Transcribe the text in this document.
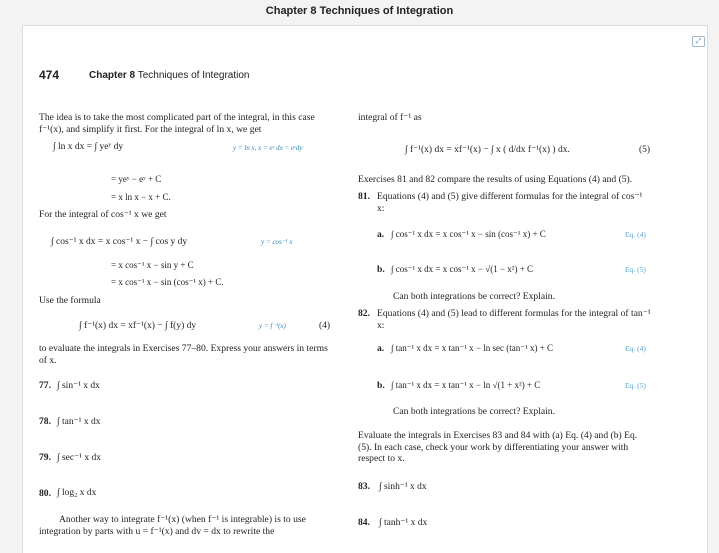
Chapter 8 Techniques of Integration
⤢
474	Chapter 8 Techniques of Integration
The idea is to take the most complicated part of the integral, in this case f⁻¹(x), and simplify it first. For the integral of ln x, we get
∫ ln x dx = ∫ yeʸ dy	y = ln x, x = eʸ dx = eʸdy
= yeʸ − eʸ + C
= x ln x − x + C.
For the integral of cos⁻¹ x we get
∫ cos⁻¹ x dx = x cos⁻¹ x − ∫ cos y dy	y = cos⁻¹ x
= x cos⁻¹ x − sin y + C
= x cos⁻¹ x − sin (cos⁻¹ x) + C.
Use the formula
∫ f⁻¹(x) dx = xf⁻¹(x) − ∫ f(y) dy	y = f⁻¹(x)	(4)
to evaluate the integrals in Exercises 77–80. Express your answers in terms of x.
77. ∫ sin⁻¹ x dx
78. ∫ tan⁻¹ x dx
79. ∫ sec⁻¹ x dx
80. ∫ log₂ x dx
Another way to integrate f⁻¹(x) (when f⁻¹ is integrable) is to use integration by parts with u = f⁻¹(x) and dv = dx to rewrite the
integral of f⁻¹ as
∫ f⁻¹(x) dx = xf⁻¹(x) − ∫ x ( d/dx f⁻¹(x) ) dx.	(5)
Exercises 81 and 82 compare the results of using Equations (4) and (5).
81. Equations (4) and (5) give different formulas for the integral of cos⁻¹ x:
a. ∫ cos⁻¹ x dx = x cos⁻¹ x − sin (cos⁻¹ x) + C	Eq. (4)
b. ∫ cos⁻¹ x dx = x cos⁻¹ x − √(1 − x²) + C	Eq. (5)
Can both integrations be correct? Explain.
82. Equations (4) and (5) lead to different formulas for the integral of tan⁻¹ x:
a. ∫ tan⁻¹ x dx = x tan⁻¹ x − ln sec (tan⁻¹ x) + C	Eq. (4)
b. ∫ tan⁻¹ x dx = x tan⁻¹ x − ln √(1 + x²) + C	Eq. (5)
Can both integrations be correct? Explain.
Evaluate the integrals in Exercises 83 and 84 with (a) Eq. (4) and (b) Eq. (5). In each case, check your work by differentiating your answer with respect to x.
83. ∫ sinh⁻¹ x dx
84. ∫ tanh⁻¹ x dx
